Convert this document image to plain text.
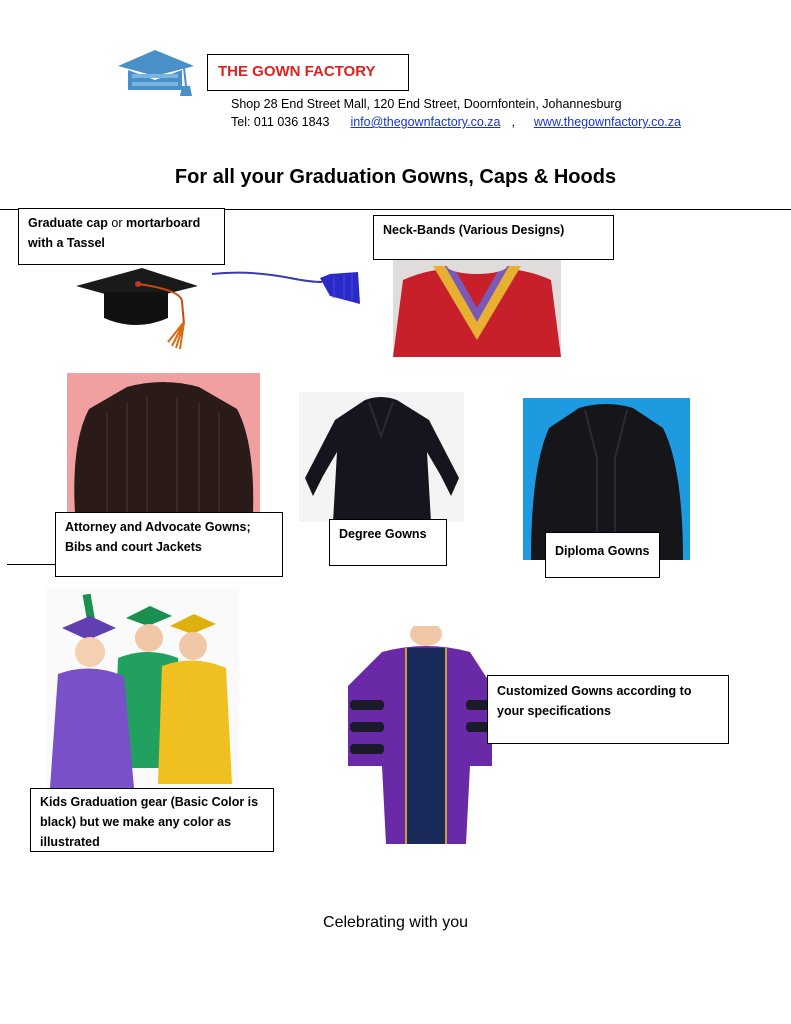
THE GOWN FACTORY
Shop 28 End Street Mall, 120 End Street, Doornfontein, Johannesburg
Tel: 011 036 1843 info@thegownfactory.co.za , www.thegownfactory.co.za
For all your Graduation Gowns, Caps & Hoods
Graduate cap or mortarboard
with a Tassel
Neck-Bands (Various Designs)
Attorney and Advocate Gowns;
Bibs and court Jackets
Degree Gowns
Diploma Gowns
Kids Graduation gear (Basic Color is
black) but we make any color as
illustrated
Customized Gowns according to
your specifications
Celebrating with you
